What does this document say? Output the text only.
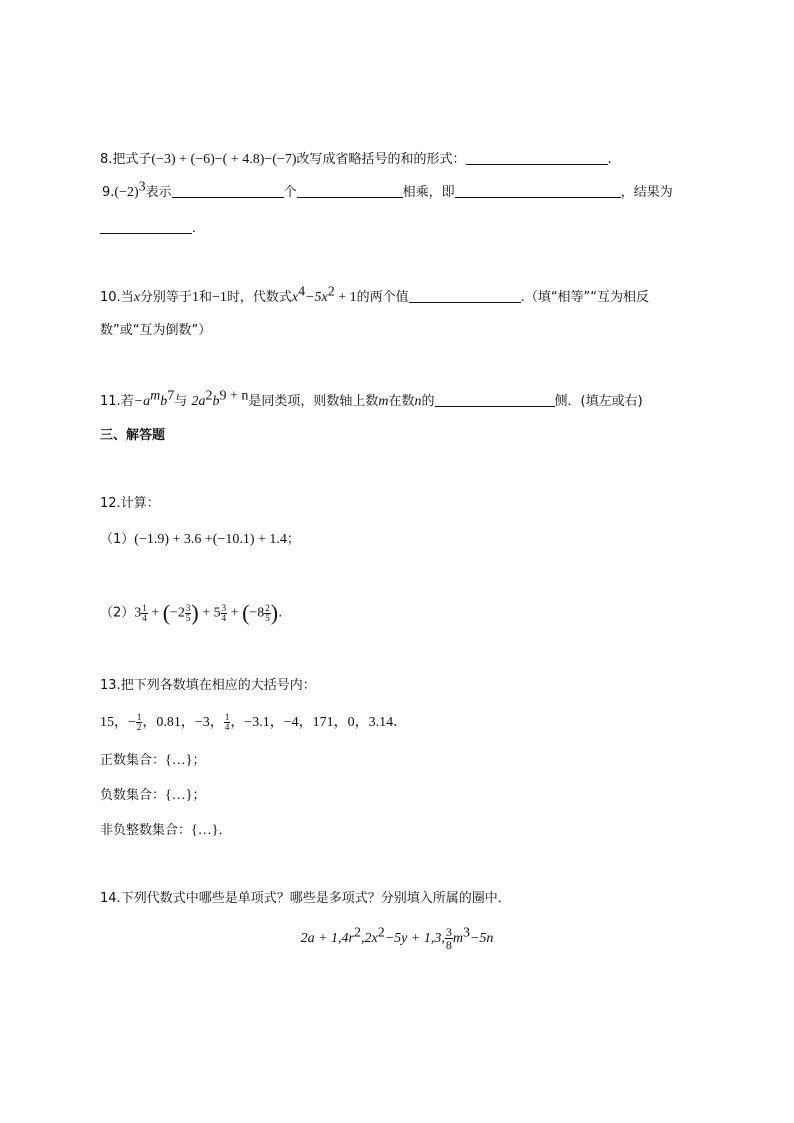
8.把式子(−3) + (−6)−( + 4.8)−(−7)改写成省略括号的和的形式：	.
$9.(-2)^3$表示	个	相乘，即	，结果为
.
10.当x分别等于1和−1时，代数式$x^4-5x^2 + 1$的两个值	.（填“相等”“互为相反
数”或“互为倒数”）
11.若$-a^mb^7$与 $2a^2b^{9 + n}$是同类项，则数轴上数m在数n的	侧．(填左或右)
三、解答题
12.计算：
（1）(−1.9) + 3.6 +(−10.1) + 1.4；
$(2)3 \frac{1}{4} + (-2 \frac{3}{5}$ ) + $5 \frac{3}{4} + (-8 \frac{2}{5}$ ).
13.把下列各数填在相应的大括号内：
15，− $\frac{1}{2}$ ，0.81，−3， $\frac{1}{4}$ ，−3.1，−4，171，0，3.14．
正数集合：{…}；
负数集合：{…}；
非负整数集合：{…}．
14.下列代数式中哪些是单项式？哪些是多项式？分别填入所属的圈中．
$2a + 1,4r^2,2x^2-5y + 1,3$, $\frac{3}{8} m^3-5n$
